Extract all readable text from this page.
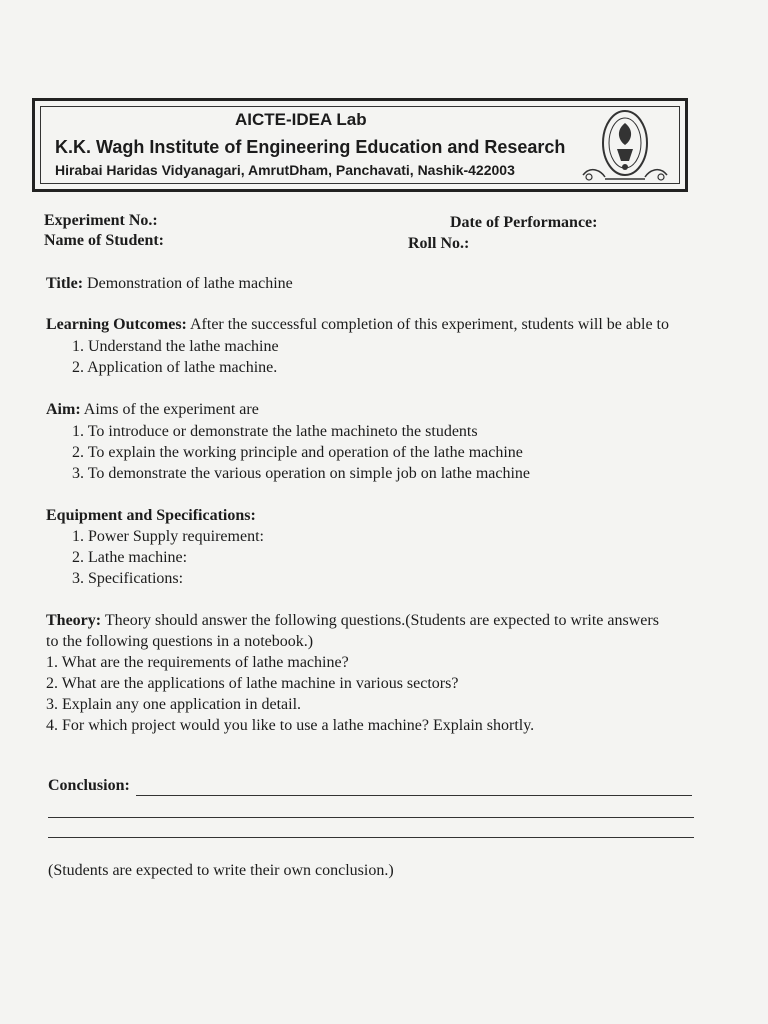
AICTE-IDEA Lab
K.K. Wagh Institute of Engineering Education and Research
Hirabai Haridas Vidyanagari, AmrutDham, Panchavati, Nashik-422003
Experiment No.:	Date of Performance:
Name of Student:	Roll No.:
Title: Demonstration of lathe machine
Learning Outcomes: After the successful completion of this experiment, students will be able to
1. Understand the lathe machine
2. Application of lathe machine.
Aim: Aims of the experiment are
1. To introduce or demonstrate the lathe machineto the students
2. To explain the working principle and operation of the lathe machine
3. To demonstrate the various operation on simple job on lathe machine
Equipment and Specifications:
1. Power Supply requirement:
2. Lathe machine:
3. Specifications:
Theory: Theory should answer the following questions.(Students are expected to write answers
to the following questions in a notebook.)
1. What are the requirements of lathe machine?
2. What are the applications of lathe machine in various sectors?
3. Explain any one application in detail.
4. For which project would you like to use a lathe machine? Explain shortly.
Conclusion:
(Students are expected to write their own conclusion.)
